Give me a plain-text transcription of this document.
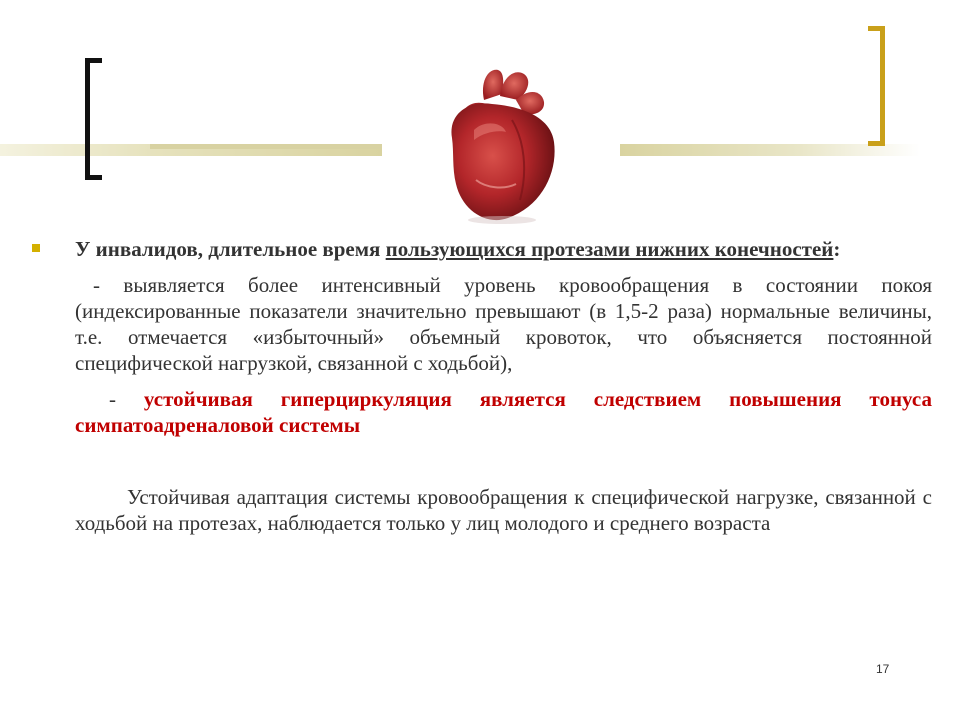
У инвалидов, длительное время пользующихся протезами нижних конечностей:
- выявляется более интенсивный уровень кровообращения в состоянии покоя (индексированные показатели значительно превышают (в 1,5-2 раза) нормальные величины, т.е. отмечается «избыточный» объемный кровоток, что объясняется постоянной специфической нагрузкой, связанной с ходьбой),
- устойчивая гиперциркуляция является следствием повышения тонуса симпатоадреналовой системы
Устойчивая адаптация системы кровообращения к специфической нагрузке, связанной с ходьбой на протезах, наблюдается только у лиц молодого и среднего возраста
17
